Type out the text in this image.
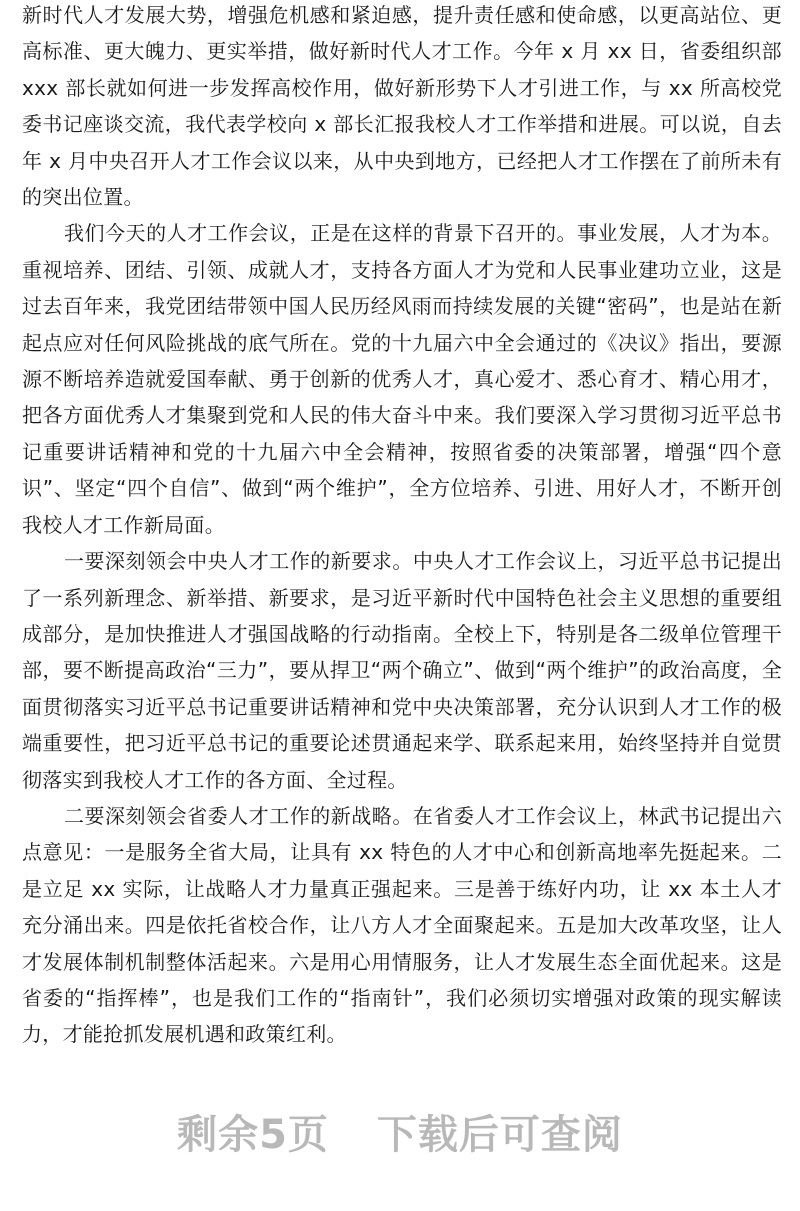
新时代人才发展大势，增强危机感和紧迫感，提升责任感和使命感，以更高站位、更高标准、更大魄力、更实举措，做好新时代人才工作。今年 x 月 xx 日，省委组织部 xxx 部长就如何进一步发挥高校作用，做好新形势下人才引进工作，与 xx 所高校党委书记座谈交流，我代表学校向 x 部长汇报我校人才工作举措和进展。可以说，自去年 x 月中央召开人才工作会议以来，从中央到地方，已经把人才工作摆在了前所未有的突出位置。

我们今天的人才工作会议，正是在这样的背景下召开的。事业发展，人才为本。重视培养、团结、引领、成就人才，支持各方面人才为党和人民事业建功立业，这是过去百年来，我党团结带领中国人民历经风雨而持续发展的关键“密码”，也是站在新起点应对任何风险挑战的底气所在。党的十九届六中全会通过的《决议》指出，要源源不断培养造就爱国奉献、勇于创新的优秀人才，真心爱才、悉心育才、精心用才，把各方面优秀人才集聚到党和人民的伟大奋斗中来。我们要深入学习贯彻习近平总书记重要讲话精神和党的十九届六中全会精神，按照省委的决策部署，增强“四个意识”、坚定“四个自信”、做到“两个维护”，全方位培养、引进、用好人才，不断开创我校人才工作新局面。

一要深刻领会中央人才工作的新要求。中央人才工作会议上，习近平总书记提出了一系列新理念、新举措、新要求，是习近平新时代中国特色社会主义思想的重要组成部分，是加快推进人才强国战略的行动指南。全校上下，特别是各二级单位管理干部，要不断提高政治“三力”，要从捍卫“两个确立”、做到“两个维护”的政治高度，全面贯彻落实习近平总书记重要讲话精神和党中央决策部署，充分认识到人才工作的极端重要性，把习近平总书记的重要论述贯通起来学、联系起来用，始终坚持并自觉贯彻落实到我校人才工作的各方面、全过程。

二要深刻领会省委人才工作的新战略。在省委人才工作会议上，林武书记提出六点意见：一是服务全省大局，让具有 xx 特色的人才中心和创新高地率先挺起来。二是立足 xx 实际，让战略人才力量真正强起来。三是善于练好内功，让 xx 本土人才充分涌出来。四是依托省校合作，让八方人才全面聚起来。五是加大改革攻坚，让人才发展体制机制整体活起来。六是用心用情服务，让人才发展生态全面优起来。这是省委的“指挥棒”，也是我们工作的“指南针”，我们必须切实增强对政策的现实解读力，才能抢抓发展机遇和政策红利。

剩余5页 下载后可查阅
